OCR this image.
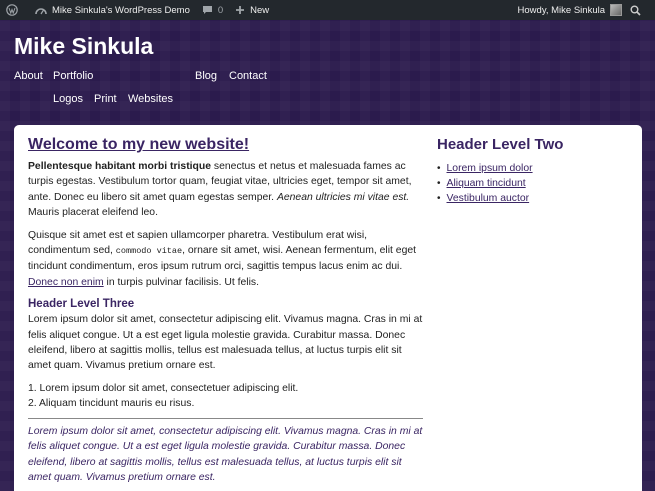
Mike Sinkula's WordPress Demo	0	New	Howdy, Mike Sinkula
Mike Sinkula
About Portfolio
Logos Print Websites
Blog Contact
Welcome to my new website!

Pellentesque habitant morbi tristique senectus et netus et malesuada fames ac turpis egestas. Vestibulum tortor quam, feugiat vitae, ultricies eget, tempor sit amet, ante. Donec eu libero sit amet quam egestas semper. Aenean ultricies mi vitae est. Mauris placerat eleifend leo.

Quisque sit amet est et sapien ullamcorper pharetra. Vestibulum erat wisi, condimentum sed, commodo vitae, ornare sit amet, wisi. Aenean fermentum, elit eget tincidunt condimentum, eros ipsum rutrum orci, sagittis tempus lacus enim ac dui. Donec non enim in turpis pulvinar facilisis. Ut felis.

Header Level Three

Lorem ipsum dolor sit amet, consectetur adipiscing elit. Vivamus magna. Cras in mi at felis aliquet congue. Ut a est eget ligula molestie gravida. Curabitur massa. Donec eleifend, libero at sagittis mollis, tellus est malesuada tellus, at luctus turpis elit sit amet quam. Vivamus pretium ornare est.

1. Lorem ipsum dolor sit amet, consectetuer adipiscing elit.
2. Aliquam tincidunt mauris eu risus.

Lorem ipsum dolor sit amet, consectetur adipiscing elit. Vivamus magna. Cras in mi at felis aliquet congue. Ut a est eget ligula molestie gravida. Curabitur massa. Donec eleifend, libero at sagittis mollis, tellus est malesuada tellus, at luctus turpis elit sit amet quam. Vivamus pretium ornare est.

Header Level Two
• Lorem ipsum dolor
• Aliquam tincidunt
• Vestibulum auctor
